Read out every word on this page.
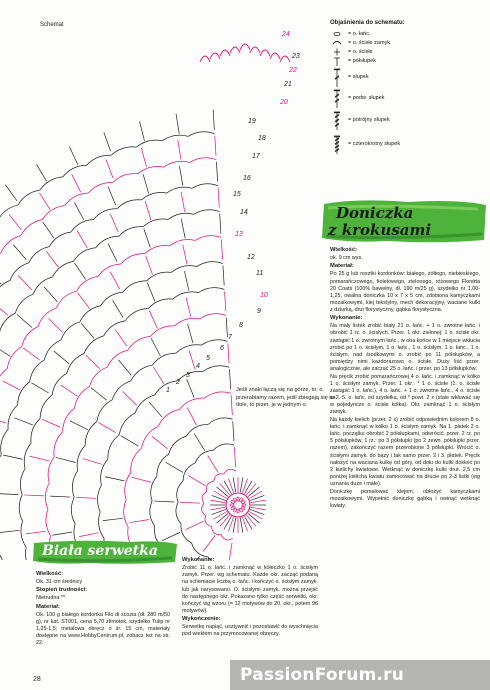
Schemat
24
23
22
21
20
19
18
17
16
15
14
13
12
11
10
9
8
7
6
5
4
3
2
1	Jeśli znaki łączą się na górze, to: o. przerabiamy razem, jeśli zbiegają się na dole, to przer. je w jednym o.
Objaśnienia do schematu:
= o. łańc.
= o. ścisłe zamyk.
= o. ścisłe
= półsłupek
= słupek
= podw. słupek
= potrójny słupek
= czterokrotny słupek
Doniczka
z krokusami

Wielkość:

ok. 9 cm wys.

Materiał:

Po 25 g lub resztki kordonków: białego, żółtego, niebieskiego, pomarańczowego, fioletowego, zielonego, różowego Floretta 20 Coats (100% bawełny, dł. 190 m/25 g), szydełko nr 1,00-1,25, owalna doniczka 10 x 7 x 5 cm, zdobiona kamyczkami mozaikowymi, klej tekstylny, mech dekoracyjny, waciane kulki z dziurką, drut florystyczny, gąbka florystyczna.

Wykonanie:

Na mały listek zrobić biały 21 o. łańc. + 1 o. zwrotne łańc. i obrobić 1 rz. o. ścisłych. Przer. 1 okr. zielonej: 1 o. ścisłe okr. zastąpić 1 o. zwrotnym łańc., w oba końce w 1 miejsce wkłucia zrobić po 1 o. ścisłym, 1 o. łańc., 1 o. ścisłym, 1 o. łańc., 1 o. ścisłym, nad środkowymi o. zrobić po 11 półsłupków, a pomiędzy nimi każdorazowo o. ścisłe. Duży liść przer. analogicznie, ale zacząć 25 o. łańc. i przer. po 13 półsłupków.

Na pręcik zrobić pomarańczowej 4 o. łańc. i zamknąć w kółko 1 o. ścisłym zamyk. Przer. 1 okr.: * 1 o. ścisłe (1. o. ścisłe zastąpić 1 o. łańc.), 4 o. łańc. + 1 o. zwrotne łańc., 4 o. ścisłe w 2.-5. o. łańc. od szydełka, od * powt. 2 x (stale wkłuwać się w pojedyncze o. ścisłe kółka). Okr. zamknąć 1 o. ścisłym zamyk.

Na każdy kielich (przer. 2 x) zrobić odpowiednim kolorem 8 o. łańc. i zamknąć w kółko 1 o. ścisłym zamyk. Na 1. płatek 2 o. łańc. początku obrobić 2 półsłupkami, odwrócić, przer. 2 rz. po 5 półsłupków, 1 rz.: po 3 półsłupki (po 2 zewn. półsłupki przer. razem), zakończyć razem przerobione 3 półsłupki. Wrócić o. ścisłymi zamyk. do bazy i tak samo przer. 2 i 3. płatek. Pręcik nałożyć na waciana kulkę od góry, od dołu do kulki dokleić po 2 kielichy kwiatowe. Wetknąć w doniczkę kulki drut. 2,5 cm poniżej kielicha kwiatu zamocować na drucie po 2-3 listki (wg uznania duże i małe).

Doniczkę pomalować klejem, obłożyć kamyczkami mozaikowymi. Wypełnić doniczkę gąbką i owinąć wetknąć kwiaty.

Biała serwetka

Wielkość:

Ok. 31 cm średnicy

Stopień trudności:

Nietrudna **

Materiał:

Ok. 100 g białego kordonka Filo di scozia (dł. 280 m/50 g), nr kat. ST001, cena 5,70 zł/motek, szydełko Tulip nr 1,25-1,5; metalowa obręcz o śr. 15 cm, materiały dostępne na www.HobbyCentrum.pl, zobacz też na str. 22.

Wykonanie:

Zrobić 11 o. łańc. i zamknąć w kółeczko 1 o. ścisłym zamyk. Przer. wg schematu. Każde okr. zacząć podaną na schemacie liczbą o. łańc. i kończyć o. ścisłym zamyk. lub jak narysowano. O. ścisłymi zamyk. można przejść do następnego okr. Pokazano tylko część serwetki, okr. kończyć wg wzoru (= 12 motywów do 20. okr., potem 96 motywów).

Wykończenie:

Serwetkę napiąć, usztywnić i pozostawić do wyschnięcia pod wiekiem na przymocowanej obręczy.

28	PassionForum.ru
